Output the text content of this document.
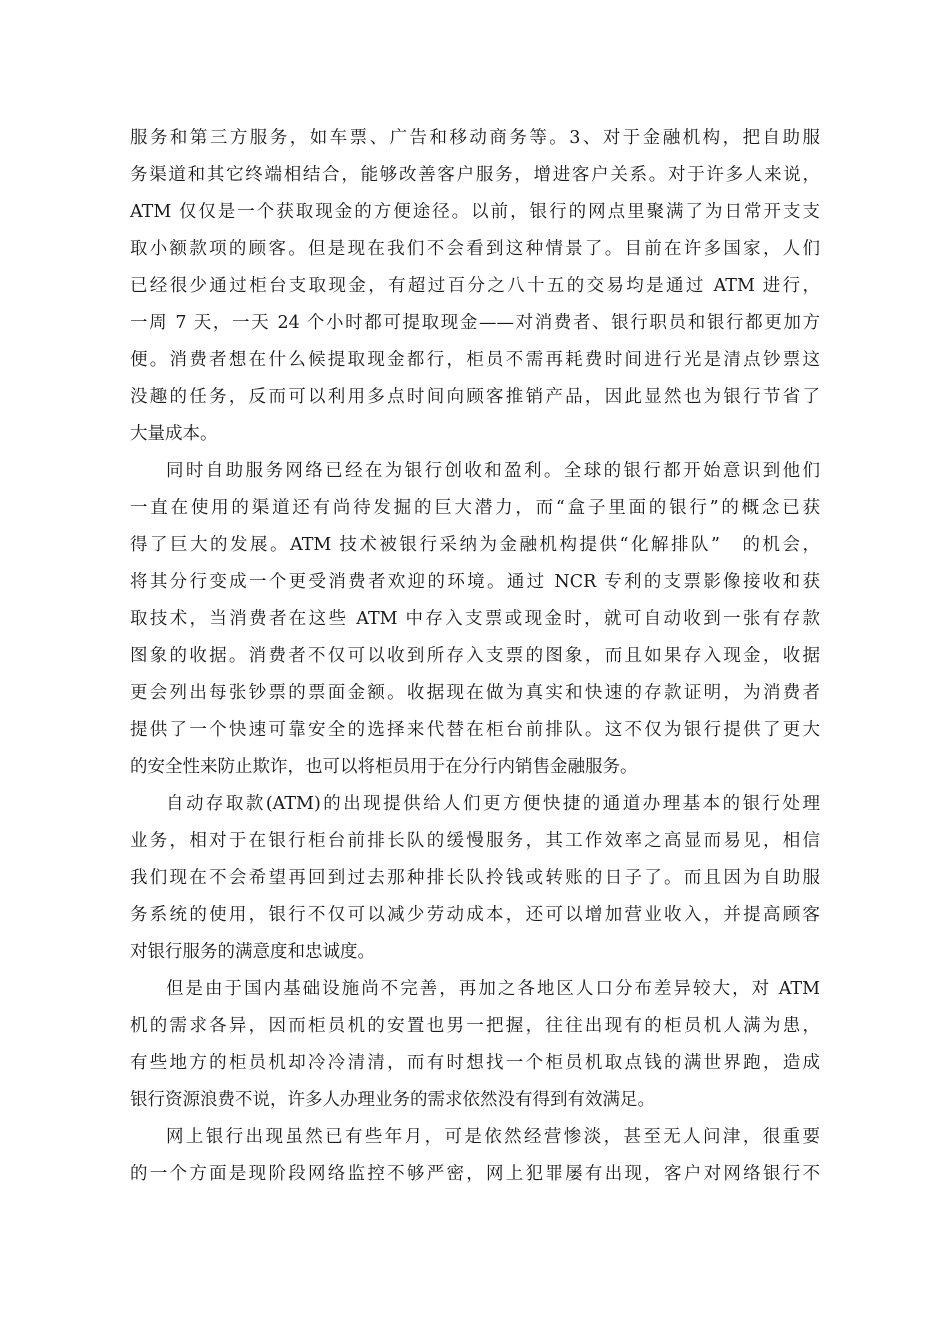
服务和第三方服务，如车票、广告和移动商务等。3、对于金融机构，把自助服
务渠道和其它终端相结合，能够改善客户服务，增进客户关系。对于许多人来说，
ATM 仅仅是一个获取现金的方便途径。以前，银行的网点里聚满了为日常开支支
取小额款项的顾客。但是现在我们不会看到这种情景了。目前在许多国家，人们
已经很少通过柜台支取现金，有超过百分之八十五的交易均是通过 ATM 进行，
一周 7 天，一天 24 个小时都可提取现金——对消费者、银行职员和银行都更加方
便。消费者想在什么候提取现金都行，柜员不需再耗费时间进行光是清点钞票这
没趣的任务，反而可以利用多点时间向顾客推销产品，因此显然也为银行节省了
大量成本。
同时自助服务网络已经在为银行创收和盈利。全球的银行都开始意识到他们
一直在使用的渠道还有尚待发掘的巨大潜力，而“盒子里面的银行”的概念已获
得了巨大的发展。ATM 技术被银行采纳为金融机构提供“化解排队”　的机会，
将其分行变成一个更受消费者欢迎的环境。通过 NCR 专利的支票影像接收和获
取技术，当消费者在这些 ATM 中存入支票或现金时，就可自动收到一张有存款
图象的收据。消费者不仅可以收到所存入支票的图象，而且如果存入现金，收据
更会列出每张钞票的票面金额。收据现在做为真实和快速的存款证明，为消费者
提供了一个快速可靠安全的选择来代替在柜台前排队。这不仅为银行提供了更大
的安全性来防止欺诈，也可以将柜员用于在分行内销售金融服务。
自动存取款(ATM)的出现提供给人们更方便快捷的通道办理基本的银行处理
业务，相对于在银行柜台前排长队的缓慢服务，其工作效率之高显而易见，相信
我们现在不会希望再回到过去那种排长队拎钱或转账的日子了。而且因为自助服
务系统的使用，银行不仅可以减少劳动成本，还可以增加营业收入，并提高顾客
对银行服务的满意度和忠诚度。
但是由于国内基础设施尚不完善，再加之各地区人口分布差异较大，对 ATM
机的需求各异，因而柜员机的安置也男一把握，往往出现有的柜员机人满为患，
有些地方的柜员机却冷冷清清，而有时想找一个柜员机取点钱的满世界跑，造成
银行资源浪费不说，许多人办理业务的需求依然没有得到有效满足。
网上银行出现虽然已有些年月，可是依然经营惨淡，甚至无人问津，很重要
的一个方面是现阶段网络监控不够严密，网上犯罪屡有出现，客户对网络银行不
